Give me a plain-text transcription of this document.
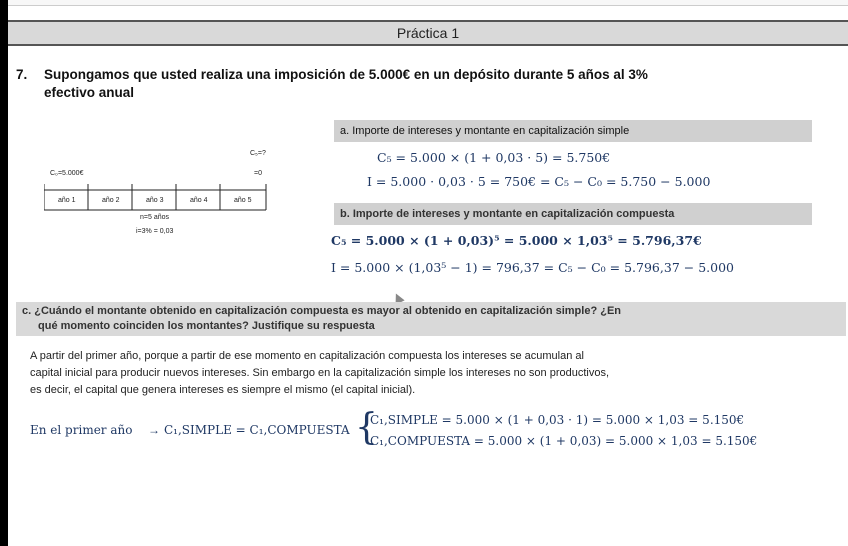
Práctica 1
7. Supongamos que usted realiza una imposición de 5.000€ en un depósito durante 5 años al 3%
efectivo anual
C₀=5.000€
C₅=?
=0
año 1	año 2	año 3	año 4	año 5
n=5 años
i=3% = 0,03
a. Importe de intereses y montante en capitalización simple
C₅ = 5.000 × (1 + 0,03 · 5) = 5.750€
I = 5.000 · 0,03 · 5 = 750€ = C₅ − C₀ = 5.750 − 5.000
b. Importe de intereses y montante en capitalización compuesta
C₅ = 5.000 × (1 + 0,03)⁵ = 5.000 × 1,03⁵ = 5.796,37€
I = 5.000 × (1,03⁵ − 1) = 796,37 = C₅ − C₀ = 5.796,37 − 5.000
c. ¿Cuándo el montante obtenido en capitalización compuesta es mayor al obtenido en capitalización simple? ¿En
qué momento coinciden los montantes? Justifique su respuesta
A partir del primer año, porque a partir de ese momento en capitalización compuesta los intereses se acumulan al
capital inicial para producir nuevos intereses. Sin embargo en la capitalización simple los intereses no son productivos,
es decir, el capital que genera intereses es siempre el mismo (el capital inicial).
En el primer año → C₁,SIMPLE = C₁,COMPUESTA {
C₁,SIMPLE = 5.000 × (1 + 0,03 · 1) = 5.000 × 1,03 = 5.150€
C₁,COMPUESTA = 5.000 × (1 + 0,03) = 5.000 × 1,03 = 5.150€
